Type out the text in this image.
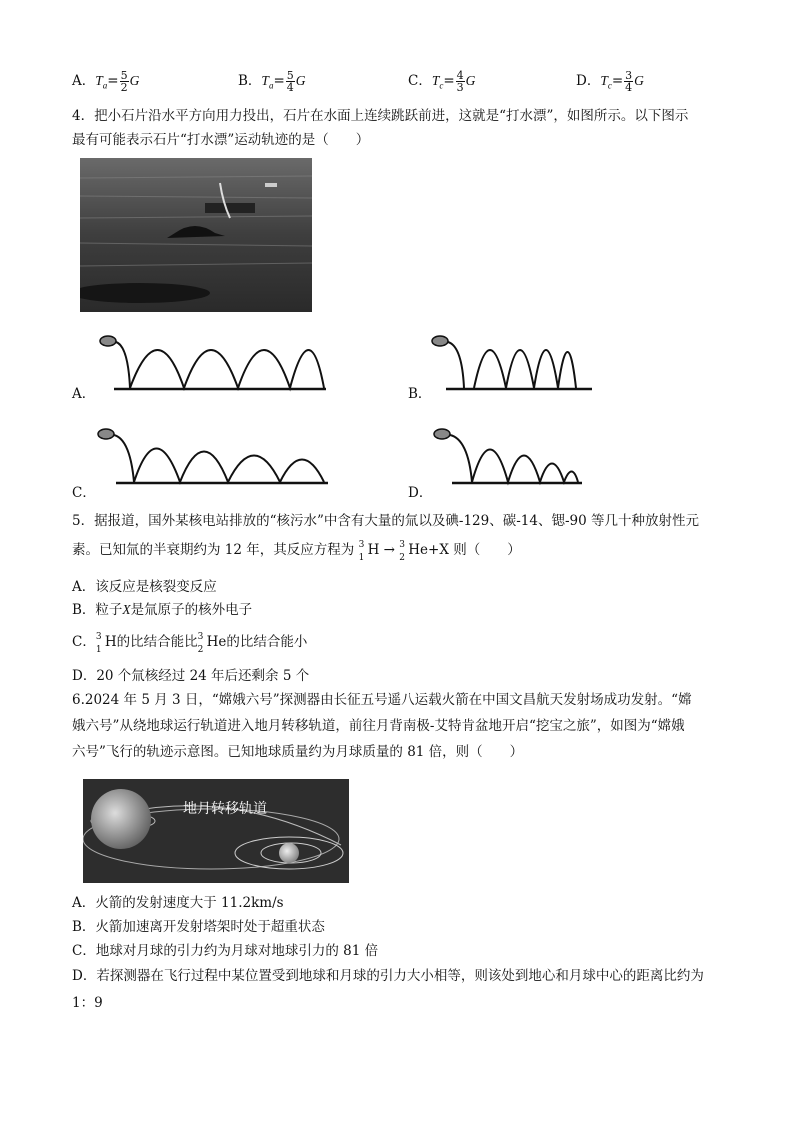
A．$T_a= \frac{5}{2}$ G	B．$T_a= \frac{5}{4}$ G	C．$T_c= \frac{4}{3}$ G	D．$T_c= \frac{3}{4}$ G
4．把小石片沿水平方向用力投出，石片在水面上连续跳跃前进，这就是“打水漂”，如图所示。以下图示
最有可能表示石片“打水漂”运动轨迹的是（　　）
A．	B．
C．	D．
5．据报道，国外某核电站排放的“核污水”中含有大量的氚以及碘-129、碳-14、锶-90 等几十种放射性元
素。已知氚的半衰期约为 12 年，其反应方程为 3
1 H → 3
2 He+X 则（　　）
A．该反应是核裂变反应
B．粒子X是氚原子的核外电子
C． 3
1 H的比结合能比 3
2 He的比结合能小
D．20 个氚核经过 24 年后还剩余 5 个
6.2024 年 5 月 3 日，“嫦娥六号”探测器由长征五号遥八运载火箭在中国文昌航天发射场成功发射。“嫦
娥六号”从绕地球运行轨道进入地月转移轨道，前往月背南极-艾特肯盆地开启“挖宝之旅”，如图为“嫦娥
六号”飞行的轨迹示意图。已知地球质量约为月球质量的 81 倍，则（　　）
地月转移轨道
A．火箭的发射速度大于 11.2km/s
B．火箭加速离开发射塔架时处于超重状态
C．地球对月球的引力约为月球对地球引力的 81 倍
D．若探测器在飞行过程中某位置受到地球和月球的引力大小相等，则该处到地心和月球中心的距离比约为
1：9
